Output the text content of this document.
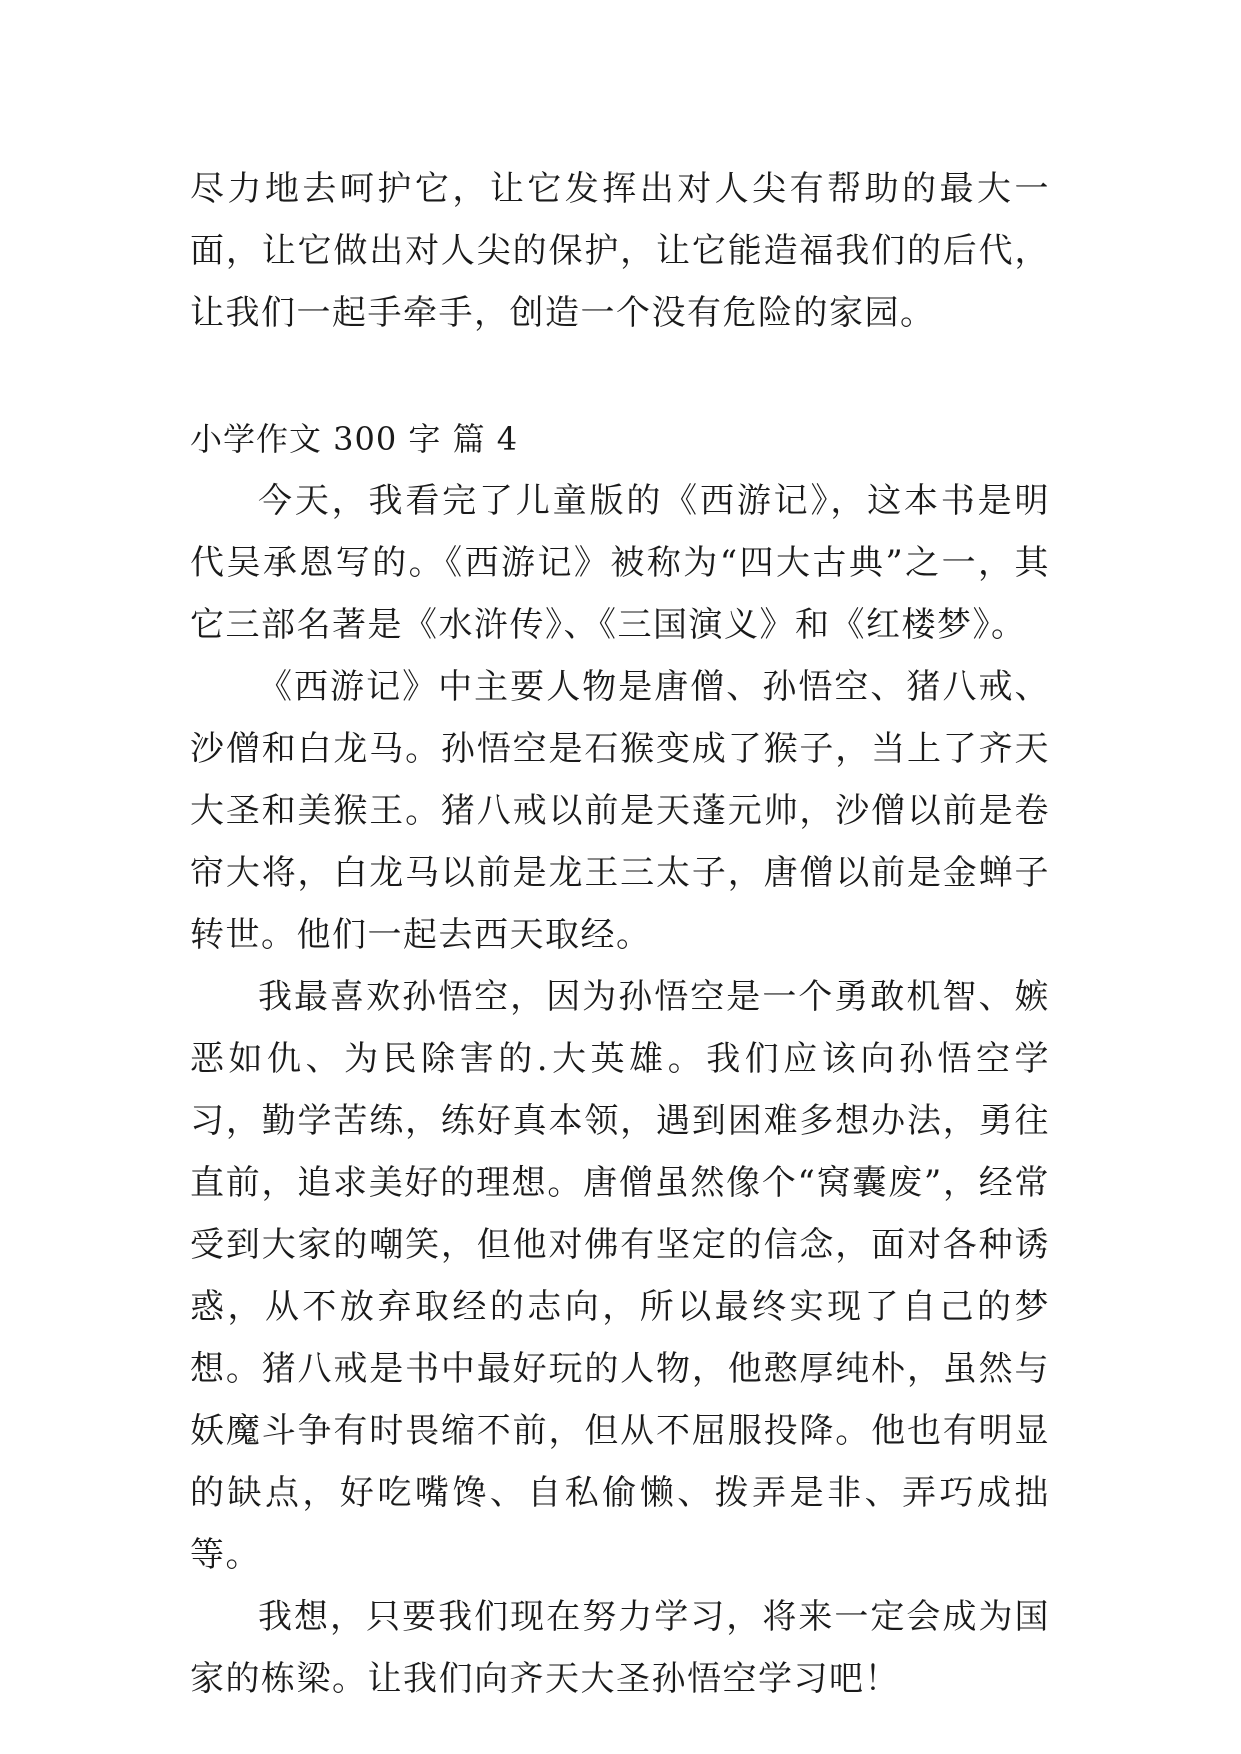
尽力地去呵护它，让它发挥出对人尖有帮助的最大一面，让它做出对人尖的保护，让它能造福我们的后代，让我们一起手牵手，创造一个没有危险的家园。

小学作文 300 字 篇 4

今天，我看完了儿童版的《西游记》，这本书是明代吴承恩写的。《西游记》被称为“四大古典”之一，其它三部名著是《水浒传》、《三国演义》和《红楼梦》。

《西游记》中主要人物是唐僧、孙悟空、猪八戒、沙僧和白龙马。孙悟空是石猴变成了猴子，当上了齐天大圣和美猴王。猪八戒以前是天蓬元帅，沙僧以前是卷帘大将，白龙马以前是龙王三太子，唐僧以前是金蝉子转世。他们一起去西天取经。

我最喜欢孙悟空，因为孙悟空是一个勇敢机智、嫉恶如仇、为民除害的.大英雄。我们应该向孙悟空学习，勤学苦练，练好真本领，遇到困难多想办法，勇往直前，追求美好的理想。唐僧虽然像个“窝囊废”，经常受到大家的嘲笑，但他对佛有坚定的信念，面对各种诱惑，从不放弃取经的志向，所以最终实现了自己的梦想。猪八戒是书中最好玩的人物，他憨厚纯朴，虽然与妖魔斗争有时畏缩不前，但从不屈服投降。他也有明显的缺点，好吃嘴馋、自私偷懒、拨弄是非、弄巧成拙等。

我想，只要我们现在努力学习，将来一定会成为国家的栋梁。让我们向齐天大圣孙悟空学习吧！
